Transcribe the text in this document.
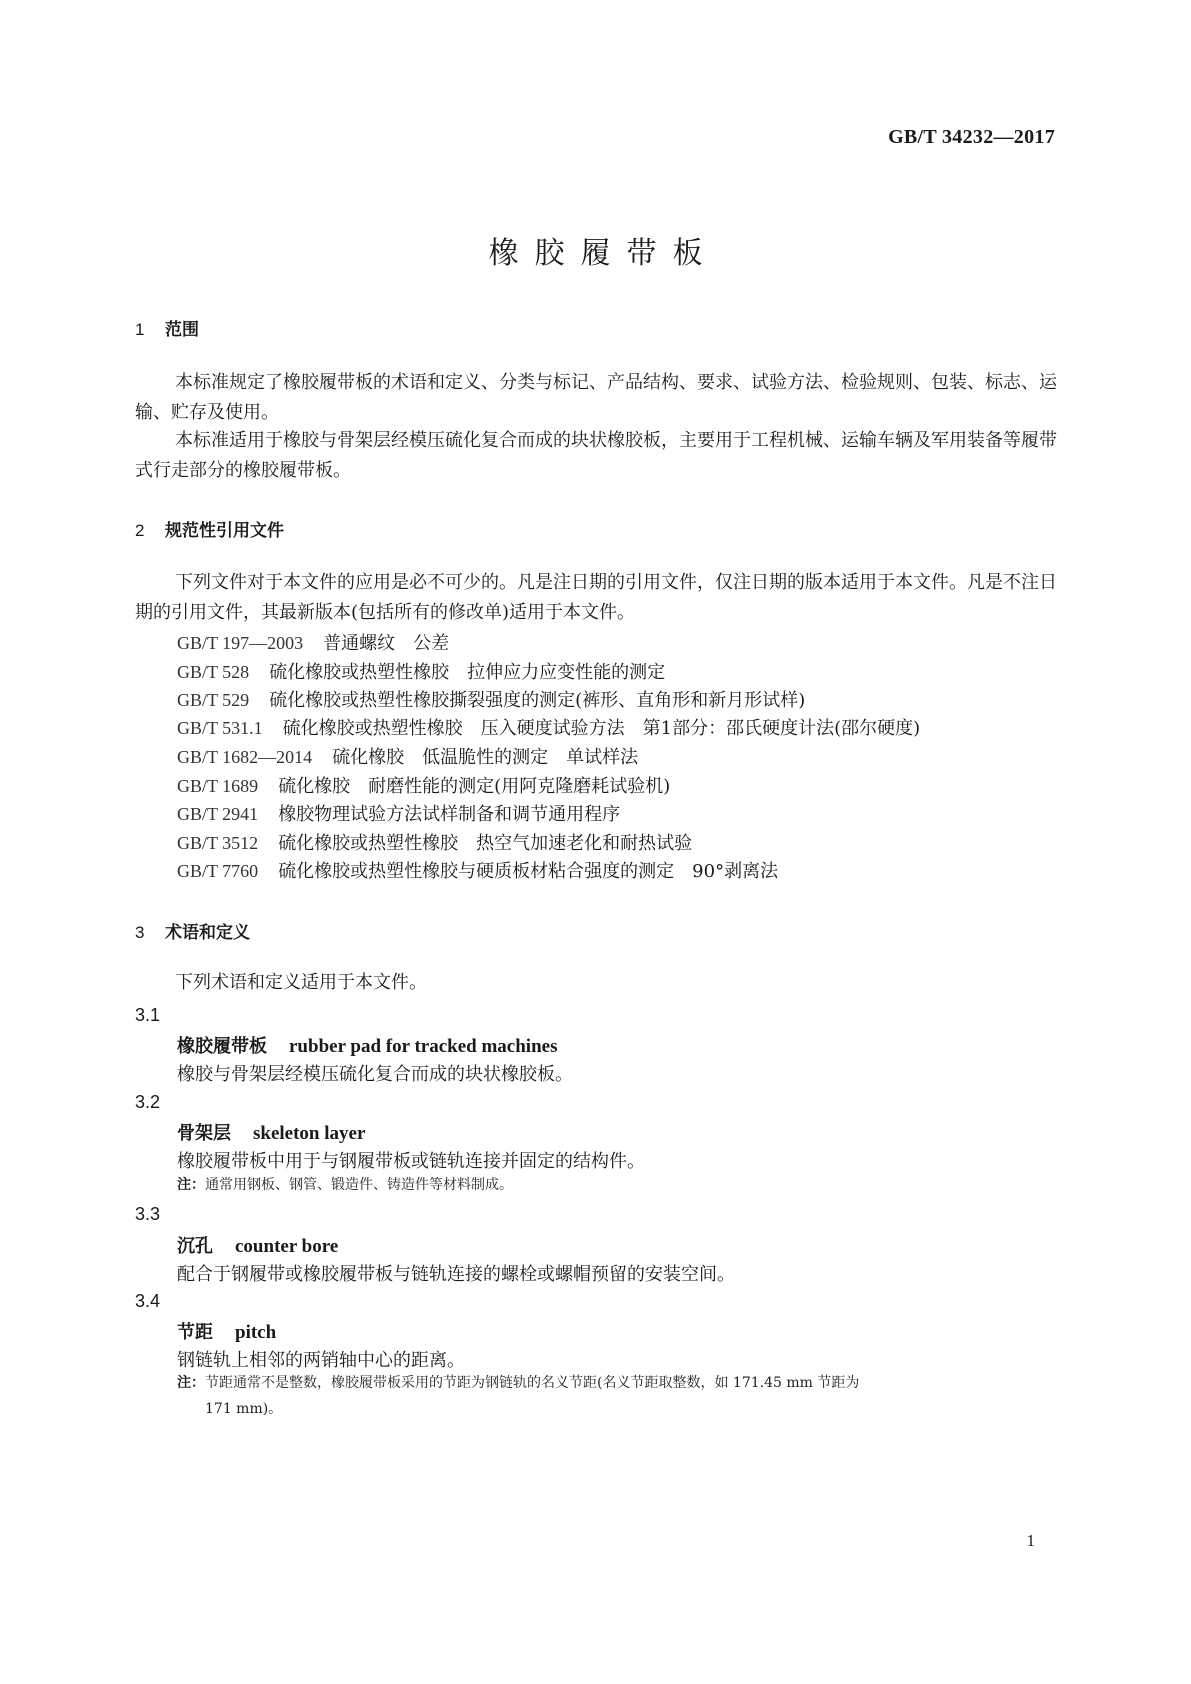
GB/T 34232—2017
橡胶履带板
1 范围
本标准规定了橡胶履带板的术语和定义、分类与标记、产品结构、要求、试验方法、检验规则、包装、标志、运输、贮存及使用。
本标准适用于橡胶与骨架层经模压硫化复合而成的块状橡胶板，主要用于工程机械、运输车辆及军用装备等履带式行走部分的橡胶履带板。
2 规范性引用文件
下列文件对于本文件的应用是必不可少的。凡是注日期的引用文件，仅注日期的版本适用于本文件。凡是不注日期的引用文件，其最新版本(包括所有的修改单)适用于本文件。
GB/T 197—2003 普通螺纹　公差
GB/T 528 硫化橡胶或热塑性橡胶　拉伸应力应变性能的测定
GB/T 529 硫化橡胶或热塑性橡胶撕裂强度的测定(裤形、直角形和新月形试样)
GB/T 531.1 硫化橡胶或热塑性橡胶　压入硬度试验方法　第1部分：邵氏硬度计法(邵尔硬度)
GB/T 1682—2014 硫化橡胶　低温脆性的测定　单试样法
GB/T 1689 硫化橡胶　耐磨性能的测定(用阿克隆磨耗试验机)
GB/T 2941 橡胶物理试验方法试样制备和调节通用程序
GB/T 3512 硫化橡胶或热塑性橡胶　热空气加速老化和耐热试验
GB/T 7760 硫化橡胶或热塑性橡胶与硬质板材粘合强度的测定　90°剥离法
3 术语和定义
下列术语和定义适用于本文件。
3.1
橡胶履带板 rubber pad for tracked machines
橡胶与骨架层经模压硫化复合而成的块状橡胶板。
3.2
骨架层 skeleton layer
橡胶履带板中用于与钢履带板或链轨连接并固定的结构件。
注：通常用钢板、钢管、锻造件、铸造件等材料制成。
3.3
沉孔 counter bore
配合于钢履带或橡胶履带板与链轨连接的螺栓或螺帽预留的安装空间。
3.4
节距 pitch
钢链轨上相邻的两销轴中心的距离。
注：节距通常不是整数，橡胶履带板采用的节距为钢链轨的名义节距(名义节距取整数，如 171.45 mm 节距为
171 mm)。
1
